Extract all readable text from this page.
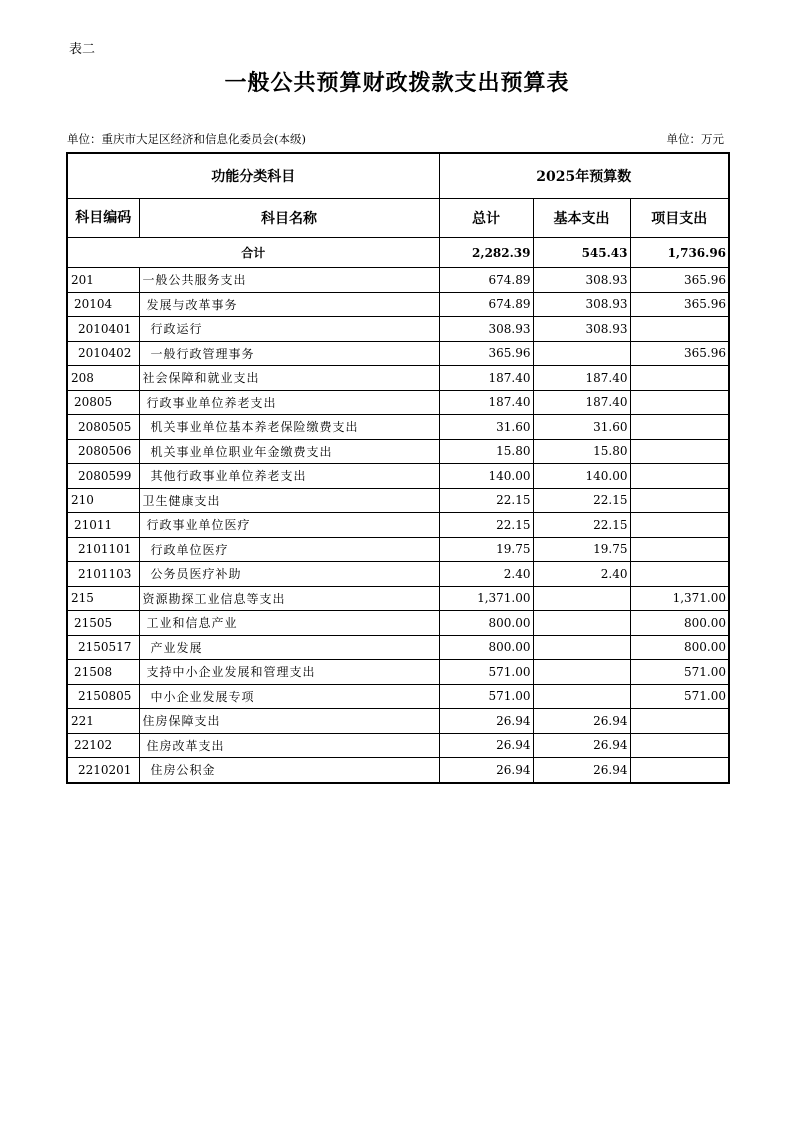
表二
一般公共预算财政拨款支出预算表
单位：重庆市大足区经济和信息化委员会(本级)	单位：万元
功能分类科目		2025年预算数		
科目编码	科目名称	总计	基本支出	项目支出
合计		2,282.39	545.43	1,736.96
201	一般公共服务支出	674.89	308.93	365.96
20104	发展与改革事务	674.89	308.93	365.96
2010401	行政运行	308.93	308.93	
2010402	一般行政管理事务	365.96		365.96
208	社会保障和就业支出	187.40	187.40	
20805	行政事业单位养老支出	187.40	187.40	
2080505	机关事业单位基本养老保险缴费支出	31.60	31.60	
2080506	机关事业单位职业年金缴费支出	15.80	15.80	
2080599	其他行政事业单位养老支出	140.00	140.00	
210	卫生健康支出	22.15	22.15	
21011	行政事业单位医疗	22.15	22.15	
2101101	行政单位医疗	19.75	19.75	
2101103	公务员医疗补助	2.40	2.40	
215	资源勘探工业信息等支出	1,371.00		1,371.00
21505	工业和信息产业	800.00		800.00
2150517	产业发展	800.00		800.00
21508	支持中小企业发展和管理支出	571.00		571.00
2150805	中小企业发展专项	571.00		571.00
221	住房保障支出	26.94	26.94	
22102	住房改革支出	26.94	26.94	
2210201	住房公积金	26.94	26.94	
